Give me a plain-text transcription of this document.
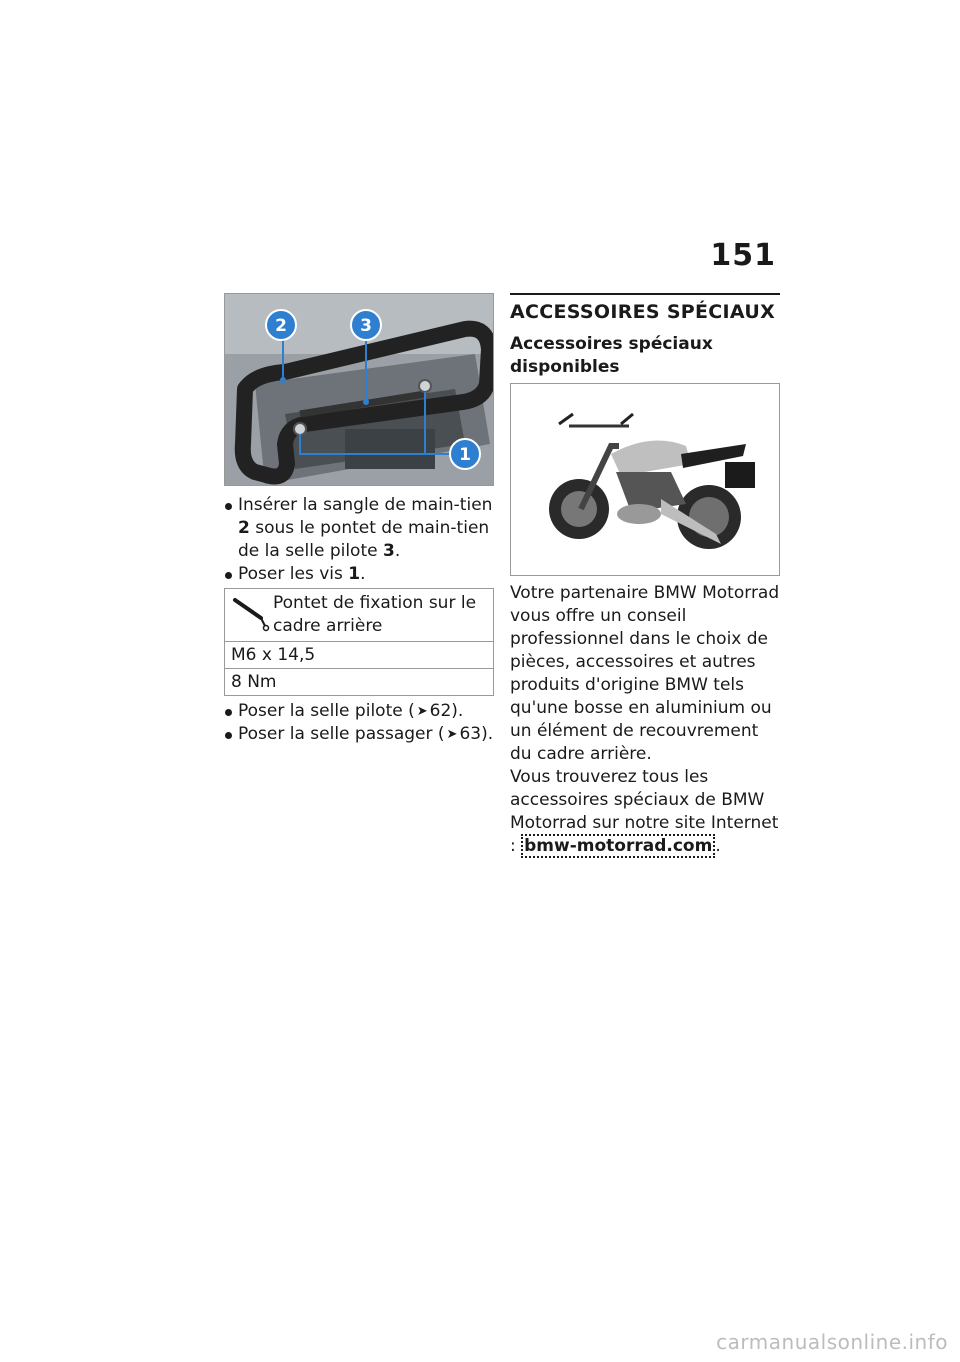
151
2	3
1
Insérer la sangle de main-tien 2 sous le pontet de main-tien de la selle pilote 3.
Poser les vis 1.
Pontet de fixation sur le cadre arrière

M6 x 14,5
8 Nm
Poser la selle pilote ( ➤ 62).
Poser la selle passager ( ➤ 63).
ACCESSOIRES SPÉCIAUX
Accessoires spéciaux disponibles

Votre partenaire BMW Motorrad vous offre un conseil professionnel dans le choix de pièces, accessoires et autres produits d'origine BMW tels qu'une bosse en aluminium ou un élément de recouvrement du cadre arrière.

Vous trouverez tous les accessoires spéciaux de BMW Motorrad sur notre site Internet : bmw-motorrad.com .

carmanualsonline.info
